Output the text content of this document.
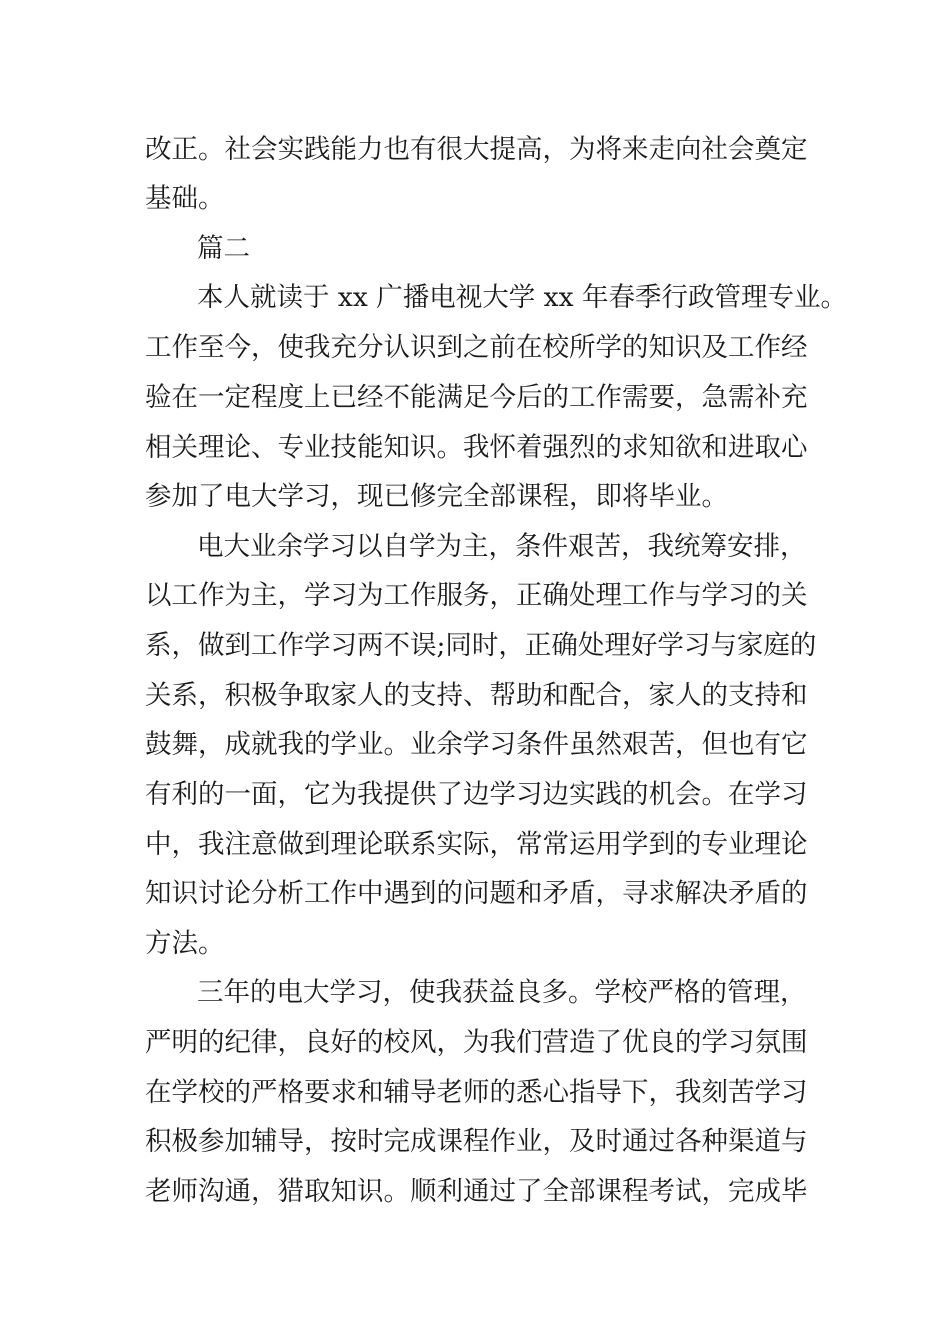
改正。社会实践能力也有很大提高，为将来走向社会奠定
基础。
篇二
本人就读于 xx 广播电视大学 xx 年春季行政管理专业。
工作至今，使我充分认识到之前在校所学的知识及工作经
验在一定程度上已经不能满足今后的工作需要，急需补充
相关理论、专业技能知识。我怀着强烈的求知欲和进取心
参加了电大学习，现已修完全部课程，即将毕业。
电大业余学习以自学为主，条件艰苦，我统筹安排，
以工作为主，学习为工作服务，正确处理工作与学习的关
系，做到工作学习两不误;同时，正确处理好学习与家庭的
关系，积极争取家人的支持、帮助和配合，家人的支持和
鼓舞，成就我的学业。业余学习条件虽然艰苦，但也有它
有利的一面，它为我提供了边学习边实践的机会。在学习
中，我注意做到理论联系实际，常常运用学到的专业理论
知识讨论分析工作中遇到的问题和矛盾，寻求解决矛盾的
方法。
三年的电大学习，使我获益良多。学校严格的管理，
严明的纪律，良好的校风，为我们营造了优良的学习氛围
在学校的严格要求和辅导老师的悉心指导下，我刻苦学习
积极参加辅导，按时完成课程作业，及时通过各种渠道与
老师沟通，猎取知识。顺利通过了全部课程考试，完成毕
